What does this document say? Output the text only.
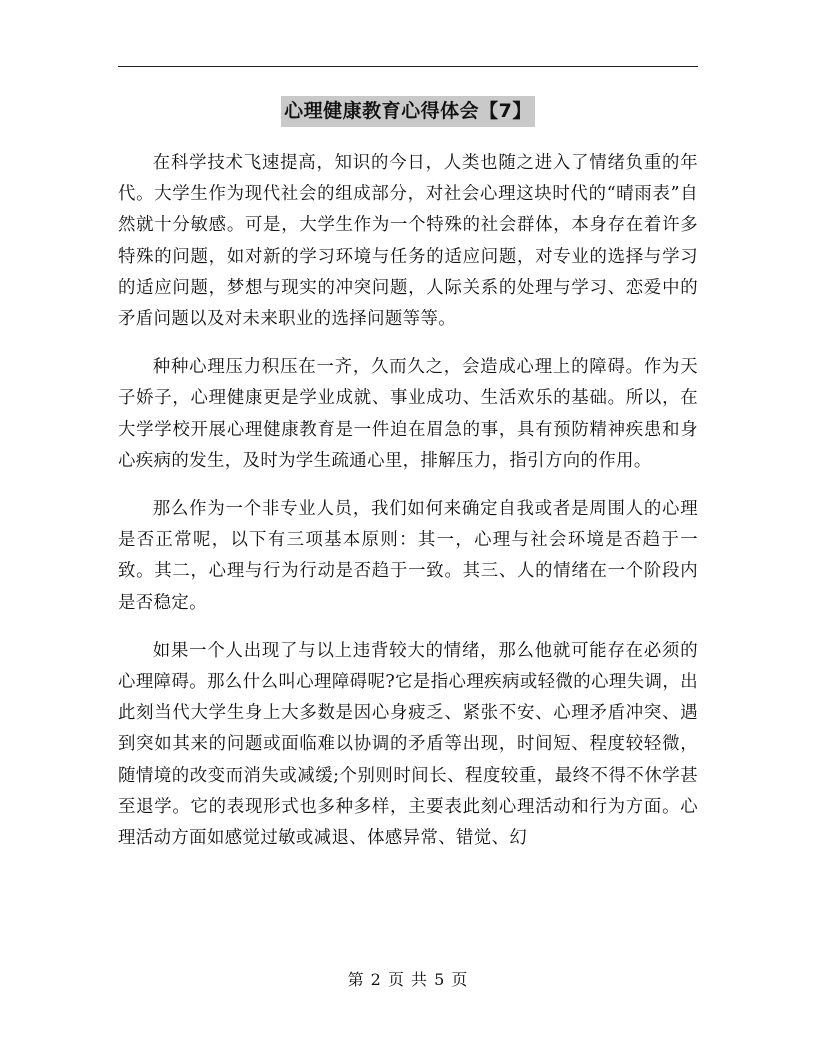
心理健康教育心得体会【7】

在科学技术飞速提高，知识的今日，人类也随之进入了情绪负重的年代。大学生作为现代社会的组成部分，对社会心理这块时代的“晴雨表”自然就十分敏感。可是，大学生作为一个特殊的社会群体，本身存在着许多特殊的问题，如对新的学习环境与任务的适应问题，对专业的选择与学习的适应问题，梦想与现实的冲突问题，人际关系的处理与学习、恋爱中的矛盾问题以及对未来职业的选择问题等等。

种种心理压力积压在一齐，久而久之，会造成心理上的障碍。作为天子娇子，心理健康更是学业成就、事业成功、生活欢乐的基础。所以，在大学学校开展心理健康教育是一件迫在眉急的事，具有预防精神疾患和身心疾病的发生，及时为学生疏通心里，排解压力，指引方向的作用。

那么作为一个非专业人员，我们如何来确定自我或者是周围人的心理是否正常呢，以下有三项基本原则：其一，心理与社会环境是否趋于一致。其二，心理与行为行动是否趋于一致。其三、人的情绪在一个阶段内是否稳定。

如果一个人出现了与以上违背较大的情绪，那么他就可能存在必须的心理障碍。那么什么叫心理障碍呢?它是指心理疾病或轻微的心理失调，出此刻当代大学生身上大多数是因心身疲乏、紧张不安、心理矛盾冲突、遇到突如其来的问题或面临难以协调的矛盾等出现，时间短、程度较轻微，随情境的改变而消失或减缓;个别则时间长、程度较重，最终不得不休学甚至退学。它的表现形式也多种多样，主要表此刻心理活动和行为方面。心理活动方面如感觉过敏或减退、体感异常、错觉、幻

第 2 页 共 5 页
